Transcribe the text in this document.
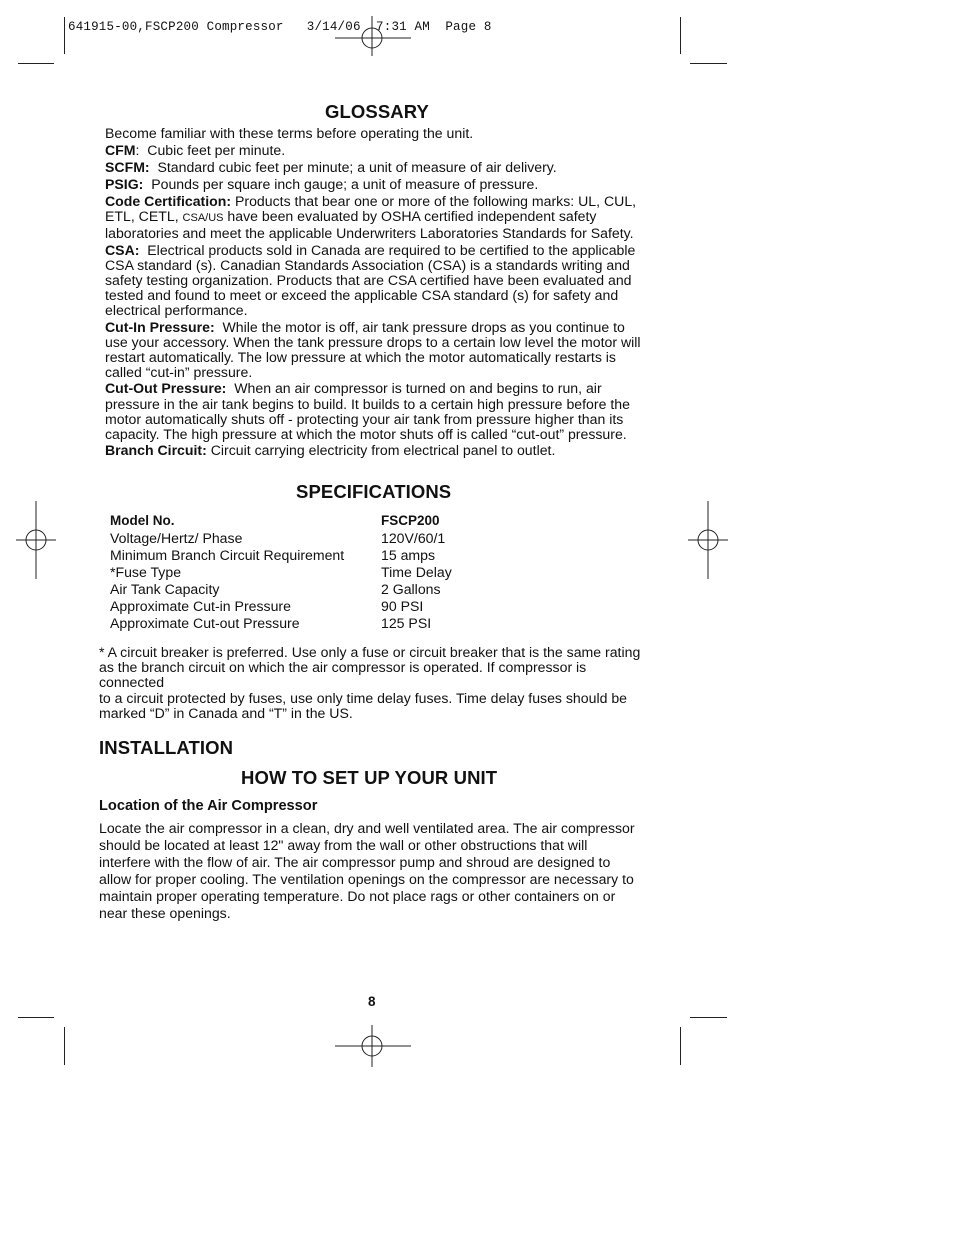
641915-00,FSCP200 Compressor   3/14/06  7:31 AM  Page 8
GLOSSARY

Become familiar with these terms before operating the unit.

CFM:  Cubic feet per minute.

SCFM:  Standard cubic feet per minute; a unit of measure of air delivery.

PSIG:  Pounds per square inch gauge; a unit of measure of pressure.

Code Certification: Products that bear one or more of the following marks: UL, CUL,

ETL, CETL, CSA/US have been evaluated by OSHA certified independent safety

laboratories and meet the applicable Underwriters Laboratories Standards for Safety.

CSA:  Electrical products sold in Canada are required to be certified to the applicable

CSA standard (s). Canadian Standards Association (CSA) is a standards writing and

safety testing organization. Products that are CSA certified have been evaluated and

tested and found to meet or exceed the applicable CSA standard (s) for safety and

electrical performance.

Cut-In Pressure:  While the motor is off, air tank pressure drops as you continue to

use your accessory. When the tank pressure drops to a certain low level the motor will

restart automatically. The low pressure at which the motor automatically restarts is

called “cut-in” pressure.

Cut-Out Pressure:  When an air compressor is turned on and begins to run, air

pressure in the air tank begins to build. It builds to a certain high pressure before the

motor automatically shuts off - protecting your air tank from pressure higher than its

capacity. The high pressure at which the motor shuts off is called “cut-out” pressure.

Branch Circuit: Circuit carrying electricity from electrical panel to outlet.

SPECIFICATIONS
Model No.	FSCP200
Voltage/Hertz/ Phase	120V/60/1
Minimum Branch Circuit Requirement	15 amps
*Fuse Type	Time Delay
Air Tank Capacity	2 Gallons
Approximate Cut-in Pressure	90 PSI
Approximate Cut-out Pressure	125 PSI

* A circuit breaker is preferred. Use only a fuse or circuit breaker that is the same rating

as the branch circuit on which the air compressor is operated. If compressor is connected

to a circuit protected by fuses, use only time delay fuses. Time delay fuses should be

marked “D” in Canada and “T” in the US.

INSTALLATION
HOW TO SET UP YOUR UNIT
Location of the Air Compressor

Locate the air compressor in a clean, dry and well ventilated area. The air compressor

should be located at least 12" away from the wall or other obstructions that will

interfere with the flow of air. The air compressor pump and shroud are designed to

allow for proper cooling. The ventilation openings on the compressor are necessary to

maintain proper operating temperature. Do not place rags or other containers on or

near these openings.

8
